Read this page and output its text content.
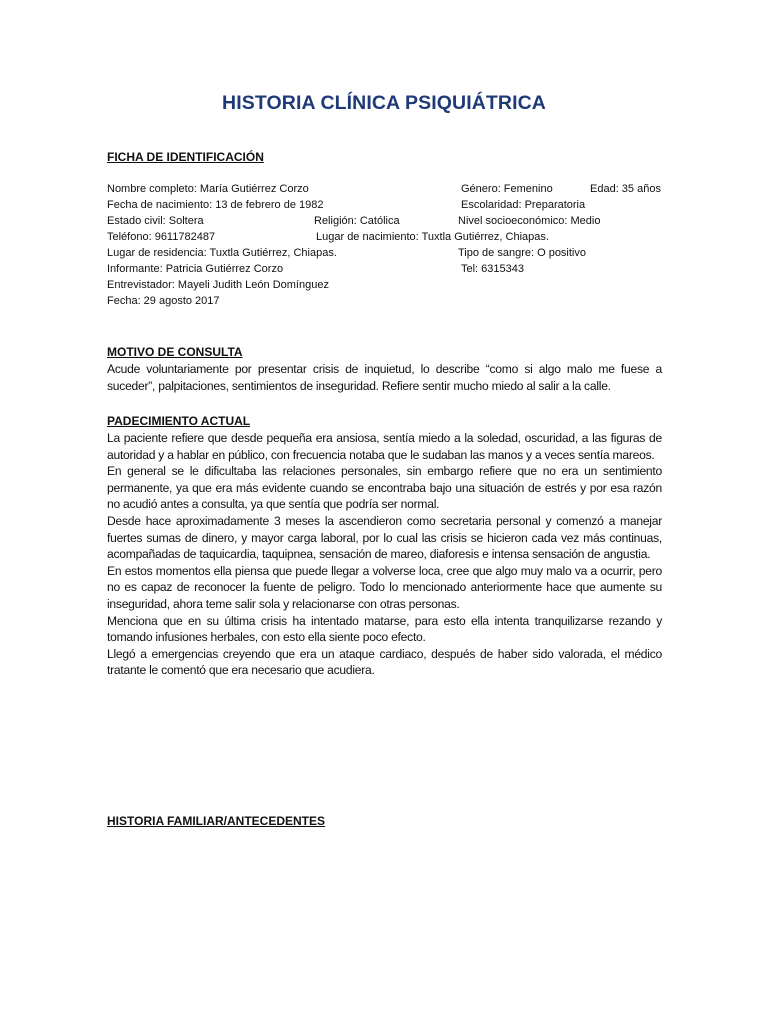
HISTORIA CLÍNICA PSIQUIÁTRICA
FICHA DE IDENTIFICACIÓN
Nombre completo: María Gutiérrez Corzo	Género: Femenino	Edad: 35 años
Fecha de nacimiento: 13 de febrero de 1982	Escolaridad: Preparatoria
Estado civil: Soltera	Religión: Católica	Nivel socioeconómico: Medio
Teléfono: 9611782487	Lugar de nacimiento: Tuxtla Gutiérrez, Chiapas.
Lugar de residencia: Tuxtla Gutiérrez, Chiapas.	Tipo de sangre: O positivo
Informante: Patricia Gutiérrez Corzo	Tel: 6315343
Entrevistador: Mayeli Judith León Domínguez
Fecha: 29 agosto 2017
MOTIVO DE CONSULTA

Acude voluntariamente por presentar crisis de inquietud, lo describe “como si algo malo me fuese a suceder”, palpitaciones, sentimientos de inseguridad. Refiere sentir mucho miedo al salir a la calle.

PADECIMIENTO ACTUAL

La paciente refiere que desde pequeña era ansiosa, sentía miedo a la soledad, oscuridad, a las figuras de autoridad y a hablar en público, con frecuencia notaba que le sudaban las manos y a veces sentía mareos.

En general se le dificultaba las relaciones personales, sin embargo refiere que no era un sentimiento permanente, ya que era más evidente cuando se encontraba bajo una situación de estrés y por esa razón no acudió antes a consulta, ya que sentía que podría ser normal.

Desde hace aproximadamente 3 meses la ascendieron como secretaria personal y comenzó a manejar fuertes sumas de dinero, y mayor carga laboral, por lo cual las crisis se hicieron cada vez más continuas, acompañadas de taquicardia, taquipnea, sensación de mareo, diaforesis e intensa sensación de angustia.

En estos momentos ella piensa que puede llegar a volverse loca, cree que algo muy malo va a ocurrir, pero no es capaz de reconocer la fuente de peligro. Todo lo mencionado anteriormente hace que aumente su inseguridad, ahora teme salir sola y relacionarse con otras personas.

Menciona que en su última crisis ha intentado matarse, para esto ella intenta tranquilizarse rezando y tomando infusiones herbales, con esto ella siente poco efecto.

Llegó a emergencias creyendo que era un ataque cardiaco, después de haber sido valorada, el médico tratante le comentó que era necesario que acudiera.

HISTORIA FAMILIAR/ANTECEDENTES
